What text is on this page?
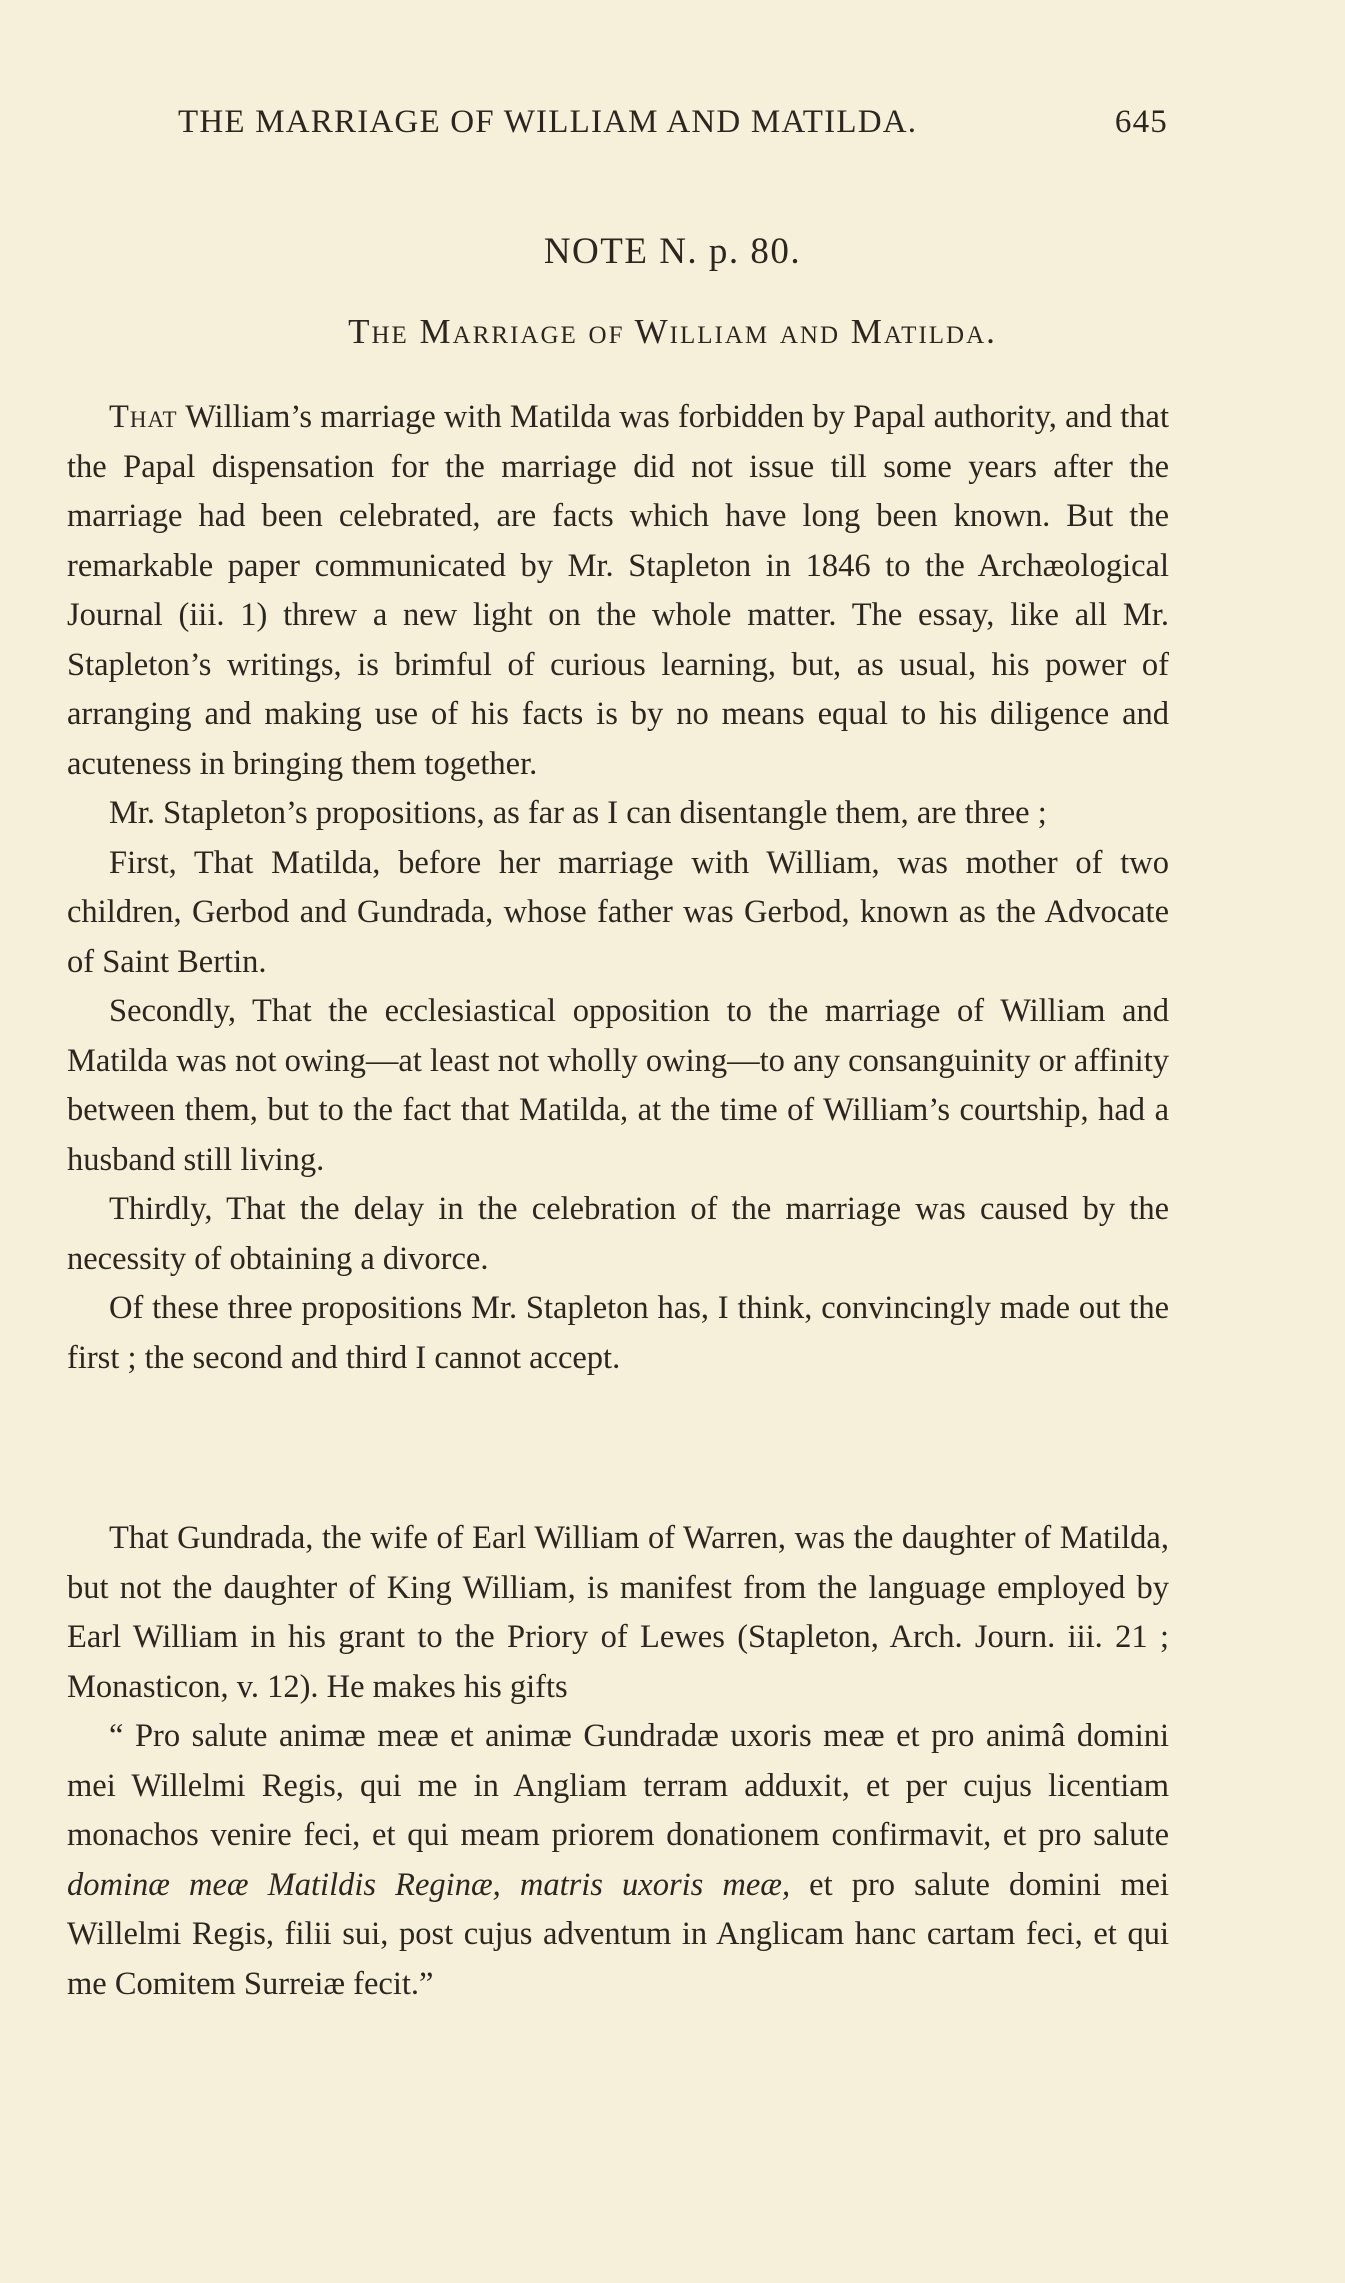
THE MARRIAGE OF WILLIAM AND MATILDA.	645
NOTE N. p. 80.
The Marriage of William and Matilda.

That William’s marriage with Matilda was forbidden by Papal authority, and that the Papal dispensation for the marriage did not issue till some years after the marriage had been celebrated, are facts which have long been known. But the remarkable paper communicated by Mr. Stapleton in 1846 to the Archæological Journal (iii. 1) threw a new light on the whole matter. The essay, like all Mr. Stapleton’s writings, is brimful of curious learning, but, as usual, his power of arranging and making use of his facts is by no means equal to his diligence and acuteness in bringing them together.

Mr. Stapleton’s propositions, as far as I can disentangle them, are three ;

First, That Matilda, before her marriage with William, was mother of two children, Gerbod and Gundrada, whose father was Gerbod, known as the Advocate of Saint Bertin.

Secondly, That the ecclesiastical opposition to the marriage of William and Matilda was not owing—at least not wholly owing—to any consanguinity or affinity between them, but to the fact that Matilda, at the time of William’s courtship, had a husband still living.

Thirdly, That the delay in the celebration of the marriage was caused by the necessity of obtaining a divorce.

Of these three propositions Mr. Stapleton has, I think, convincingly made out the first ; the second and third I cannot accept.

That Gundrada, the wife of Earl William of Warren, was the daughter of Matilda, but not the daughter of King William, is manifest from the language employed by Earl William in his grant to the Priory of Lewes (Stapleton, Arch. Journ. iii. 21 ; Monasticon, v. 12). He makes his gifts

“ Pro salute animæ meæ et animæ Gundradæ uxoris meæ et pro animâ domini mei Willelmi Regis, qui me in Angliam terram adduxit, et per cujus licentiam monachos venire feci, et qui meam priorem donationem confirmavit, et pro salute dominæ meæ Matildis Reginæ, matris uxoris meæ, et pro salute domini mei Willelmi Regis, filii sui, post cujus adventum in Anglicam hanc cartam feci, et qui me Comitem Surreiæ fecit.”
